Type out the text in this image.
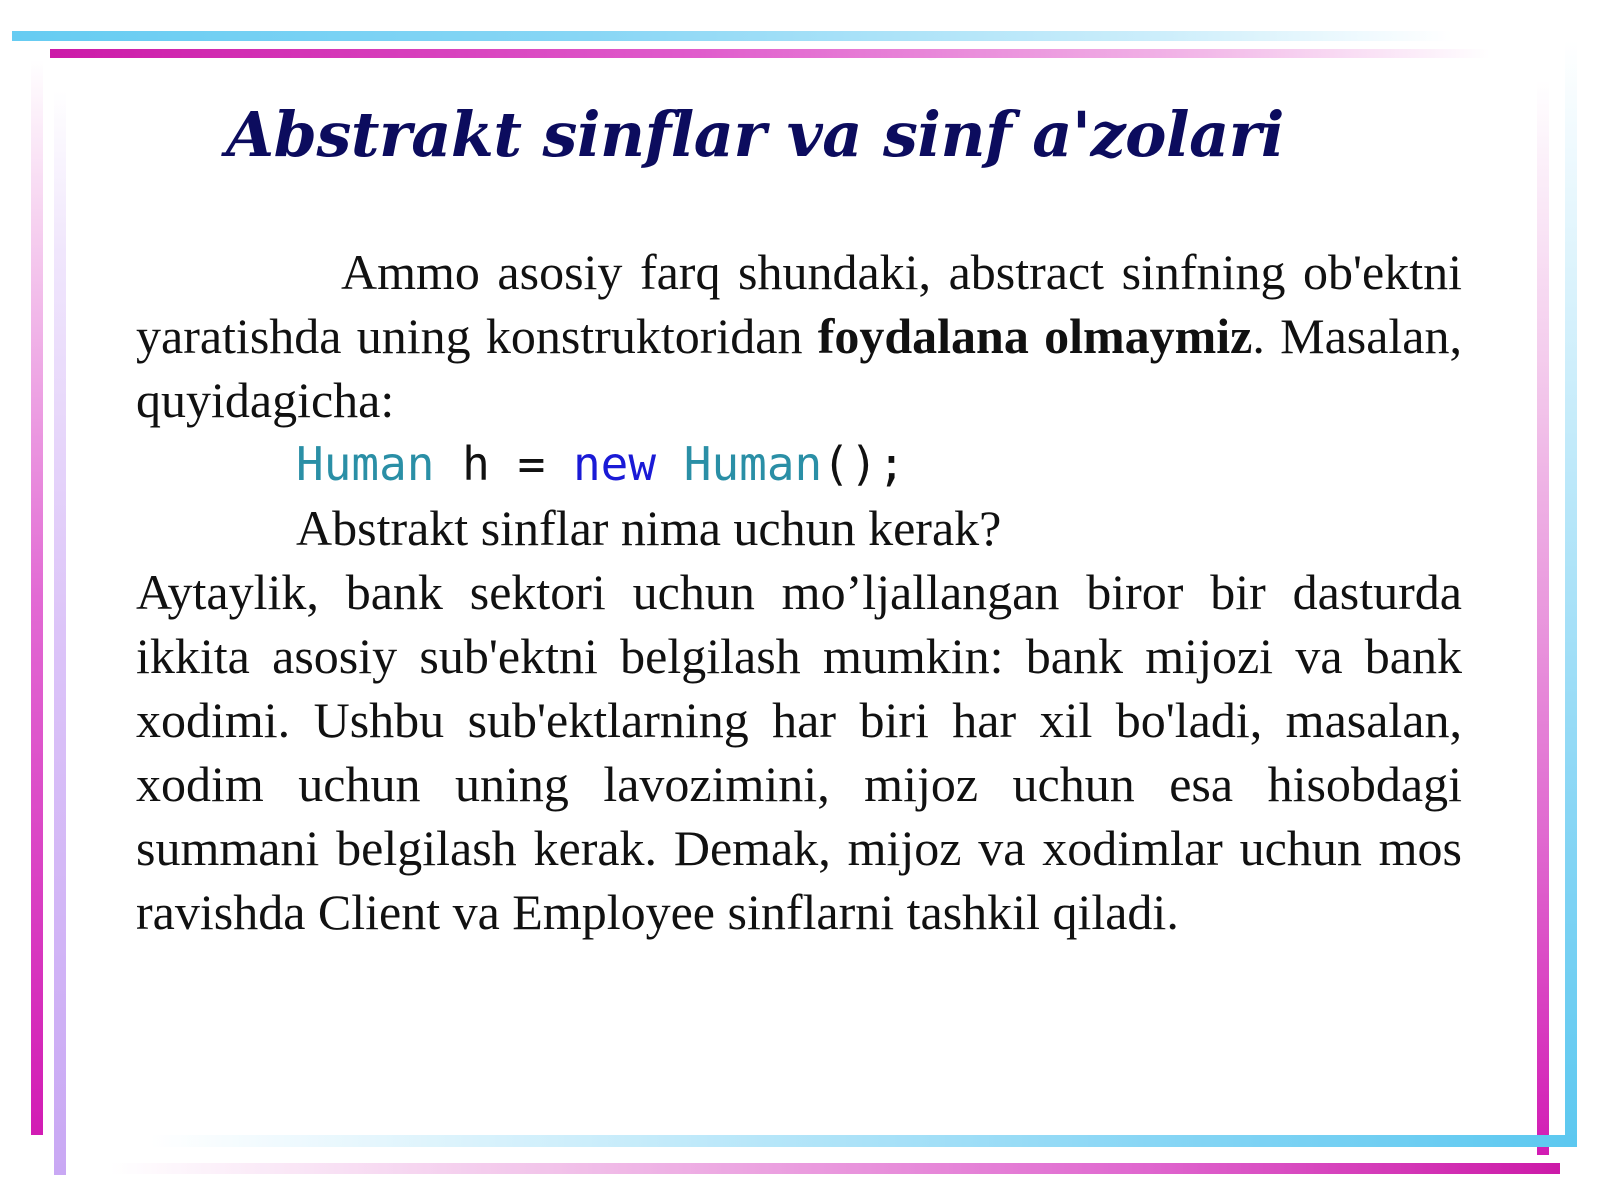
Abstrakt sinflar va sinf a'zolari

Ammo asosiy farq shundaki, abstract sinfning ob'ektni yaratishda uning konstruktoridan foydalana olmaymiz. Masalan, quyidagicha:

Human h = new Human();

Abstrakt sinflar nima uchun kerak?

Aytaylik, bank sektori uchun mo’ljallangan biror bir dasturda ikkita asosiy sub'ektni belgilash mumkin: bank mijozi va bank xodimi. Ushbu sub'ektlarning har biri har xil bo'ladi, masalan, xodim uchun uning lavozimini, mijoz uchun esa hisobdagi summani belgilash kerak. Demak, mijoz va xodimlar uchun mos ravishda Client va Employee sinflarni tashkil qiladi.
